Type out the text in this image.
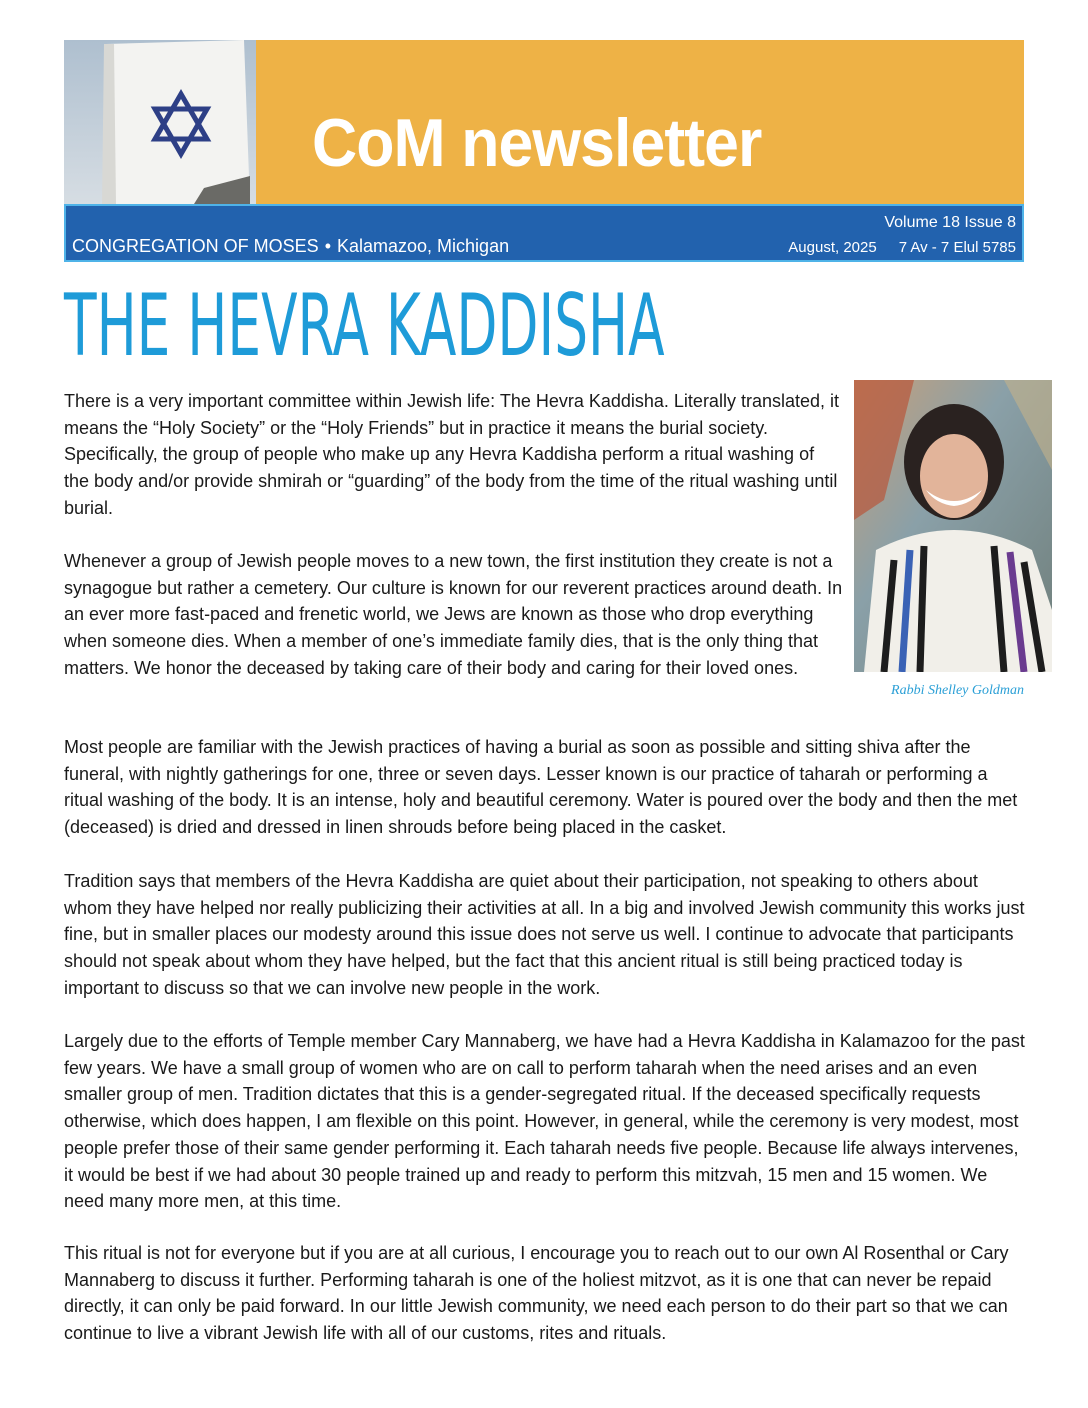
CoM newsletter
CONGREGATION OF MOSES • Kalamazoo, Michigan
Volume 18 Issue 8
August, 2025 7 Av - 7 Elul 5785
THE HEVRA KADDISHA
Rabbi Shelley Goldman

There is a very important committee within Jewish life: The Hevra Kaddisha. Literally translated, it means the “Holy Society” or the “Holy Friends” but in practice it means the burial society. Specifically, the group of people who make up any Hevra Kaddisha perform a ritual washing of the body and/or provide shmirah or “guarding” of the body from the time of the ritual washing until burial.

Whenever a group of Jewish people moves to a new town, the first institution they create is not a synagogue but rather a cemetery. Our culture is known for our reverent practices around death. In an ever more fast-paced and frenetic world, we Jews are known as those who drop everything when someone dies. When a member of one’s immediate family dies, that is the only thing that matters. We honor the deceased by taking care of their body and caring for their loved ones.

Most people are familiar with the Jewish practices of having a burial as soon as possible and sitting shiva after the funeral, with nightly gatherings for one, three or seven days. Lesser known is our practice of taharah or performing a ritual washing of the body. It is an intense, holy and beautiful ceremony. Water is poured over the body and then the met (deceased) is dried and dressed in linen shrouds before being placed in the casket.

Tradition says that members of the Hevra Kaddisha are quiet about their participation, not speaking to others about whom they have helped nor really publicizing their activities at all. In a big and involved Jewish community this works just fine, but in smaller places our modesty around this issue does not serve us well. I continue to advocate that participants should not speak about whom they have helped, but the fact that this ancient ritual is still being practiced today is important to discuss so that we can involve new people in the work.

Largely due to the efforts of Temple member Cary Mannaberg, we have had a Hevra Kaddisha in Kalamazoo for the past few years. We have a small group of women who are on call to perform taharah when the need arises and an even smaller group of men. Tradition dictates that this is a gender-segregated ritual. If the deceased specifically requests otherwise, which does happen, I am flexible on this point. However, in general, while the ceremony is very modest, most people prefer those of their same gender performing it. Each taharah needs five people. Because life always intervenes, it would be best if we had about 30 people trained up and ready to perform this mitzvah, 15 men and 15 women. We need many more men, at this time.

This ritual is not for everyone but if you are at all curious, I encourage you to reach out to our own Al Rosenthal or Cary Mannaberg to discuss it further. Performing taharah is one of the holiest mitzvot, as it is one that can never be repaid directly, it can only be paid forward. In our little Jewish community, we need each person to do their part so that we can continue to live a vibrant Jewish life with all of our customs, rites and rituals.
